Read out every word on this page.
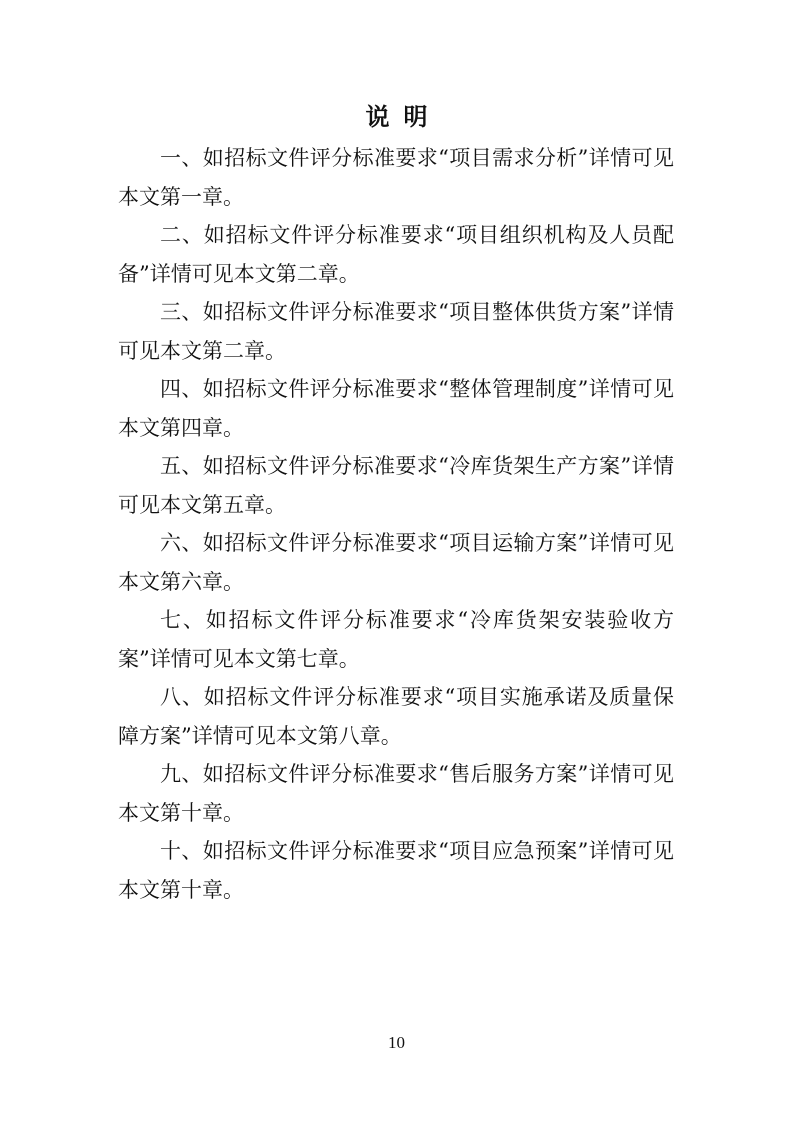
说明

一、如招标文件评分标准要求“项目需求分析”详情可见本文第一章。

二、如招标文件评分标准要求“项目组织机构及人员配备”详情可见本文第二章。

三、如招标文件评分标准要求“项目整体供货方案”详情可见本文第二章。

四、如招标文件评分标准要求“整体管理制度”详情可见本文第四章。

五、如招标文件评分标准要求“冷库货架生产方案”详情可见本文第五章。

六、如招标文件评分标准要求“项目运输方案”详情可见本文第六章。

七、如招标文件评分标准要求“冷库货架安装验收方案”详情可见本文第七章。

八、如招标文件评分标准要求“项目实施承诺及质量保障方案”详情可见本文第八章。

九、如招标文件评分标准要求“售后服务方案”详情可见本文第十章。

十、如招标文件评分标准要求“项目应急预案”详情可见本文第十章。

10
